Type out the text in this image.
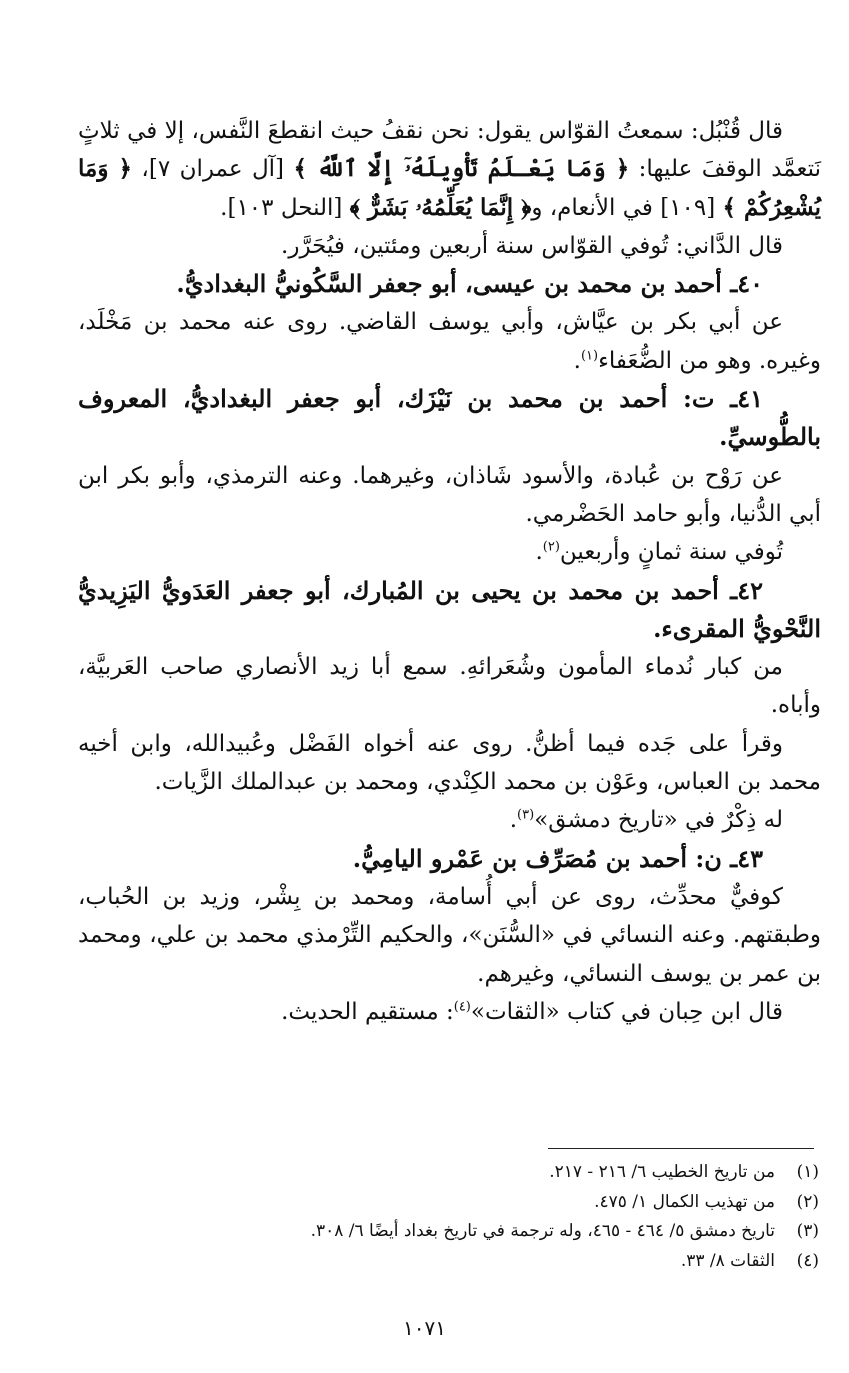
قال قُنْبُل: سمعتُ القوّاس يقول: نحن نقفُ حيث انقطعَ النَّفس، إلا في ثلاثٍ نَتعمَّد الوقفَ عليها: ﴿ وَمَا يَعْـلَمُ تَأْوِيلَهُۥٓ إِلَّا ٱللَّهُ ﴾ [آل عمران ٧]، ﴿ وَمَا يُشْعِرُكُمْ ﴾ [١٠٩] في الأنعام، و﴿ إِنَّمَا يُعَلِّمُهُۥ بَشَرٌّ ﴾ [النحل ١٠٣].

قال الدَّاني: تُوفي القوّاس سنة أربعين ومئتين، فيُحَرَّر.

٤٠ـ أحمد بن محمد بن عيسى، أبو جعفر السَّكُونيُّ البغداديُّ.

عن أبي بكر بن عيَّاش، وأبي يوسف القاضي. روى عنه محمد بن مَخْلَد، وغيره. وهو من الضُّعَفاء$^{(١)}$.

٤١ـ ت: أحمد بن محمد بن نَيْزَك، أبو جعفر البغداديُّ، المعروف بالطُّوسيِّ.

عن رَوْح بن عُبادة، والأسود شَاذان، وغيرهما. وعنه الترمذي، وأبو بكر ابن أبي الدُّنيا، وأبو حامد الحَضْرمي.

تُوفي سنة ثمانٍ وأربعين$^{(٢)}$.

٤٢ـ أحمد بن محمد بن يحيى بن المُبارك، أبو جعفر العَدَويُّ اليَزِيديُّ النَّحْويُّ المقرىء.

من كبار نُدماء المأمون وشُعَرائهِ. سمع أبا زيد الأنصاري صاحب العَربيَّة، وأباه.

وقرأ على جَده فيما أظنُّ. روى عنه أخواه الفَضْل وعُبيدالله، وابن أخيه محمد بن العباس، وعَوْن بن محمد الكِنْدي، ومحمد بن عبدالملك الزَّيات.

له ذِكْرٌ في «تاريخ دمشق»$^{(٣)}$.

٤٣ـ ن: أحمد بن مُصَرِّف بن عَمْرو اليامِيُّ.

كوفيٌّ محدِّث، روى عن أبي أُسامة، ومحمد بن بِشْر، وزيد بن الحُباب، وطبقتهم. وعنه النسائي في «السُّنَن»، والحكيم التِّرْمذي محمد بن علي، ومحمد بن عمر بن يوسف النسائي، وغيرهم.

قال ابن حِبان في كتاب «الثقات»$^{(٤)}$: مستقيم الحديث.

(١)
من تاريخ الخطيب ٦/ ٢١٦ - ٢١٧.
(٢)
من تهذيب الكمال ١/ ٤٧٥.
(٣)
تاريخ دمشق ٥/ ٤٦٤ - ٤٦٥، وله ترجمة في تاريخ بغداد أيضًا ٦/ ٣٠٨.
(٤)
الثقات ٨/ ٣٣.
١٠٧١
